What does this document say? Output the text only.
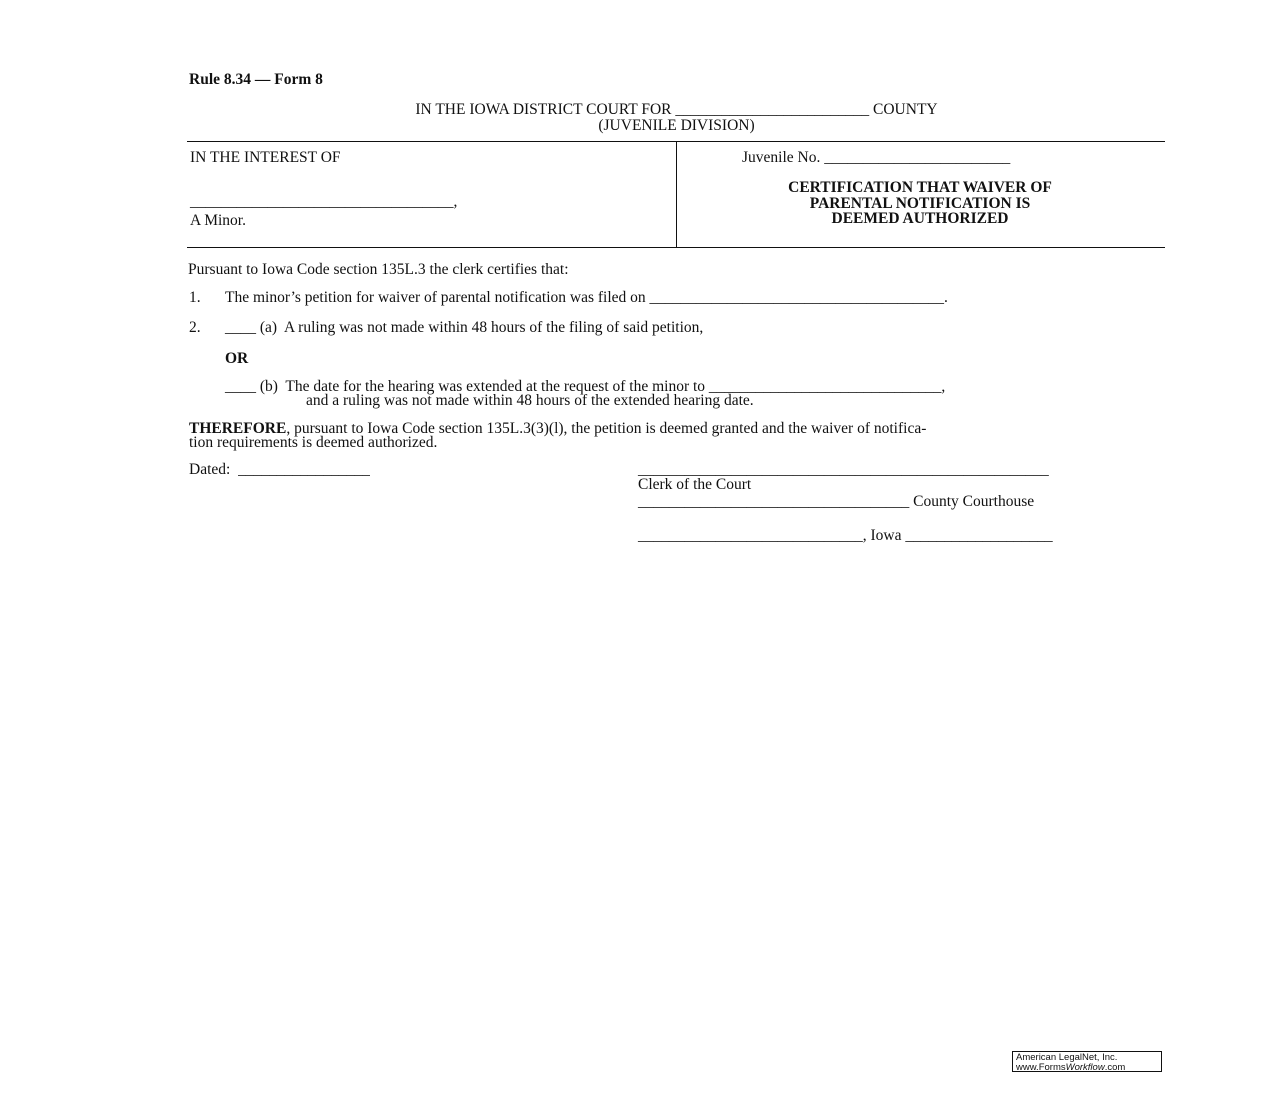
Rule 8.34 — Form 8
IN THE IOWA DISTRICT COURT FOR _________________________ COUNTY
(JUVENILE DIVISION)
IN THE INTEREST OF
__________________________________,
A Minor.
Juvenile No. ________________________
CERTIFICATION THAT WAIVER OF
PARENTAL NOTIFICATION IS
DEEMED AUTHORIZED
Pursuant to Iowa Code section 135L.3 the clerk certifies that:
1. The minor’s petition for waiver of parental notification was filed on ______________________________________.
2. ____ (a)  A ruling was not made within 48 hours of the filing of said petition,
OR
____ (b)  The date for the hearing was extended at the request of the minor to ______________________________,
and a ruling was not made within 48 hours of the extended hearing date.
THEREFORE, pursuant to Iowa Code section 135L.3(3)(l), the petition is deemed granted and the waiver of notifica-
tion requirements is deemed authorized.
Dated:  _________________	_____________________________________________________
Clerk of the Court
___________________________________ County Courthouse
_____________________________, Iowa ___________________
American LegalNet, Inc.
www.FormsWorkflow.com
